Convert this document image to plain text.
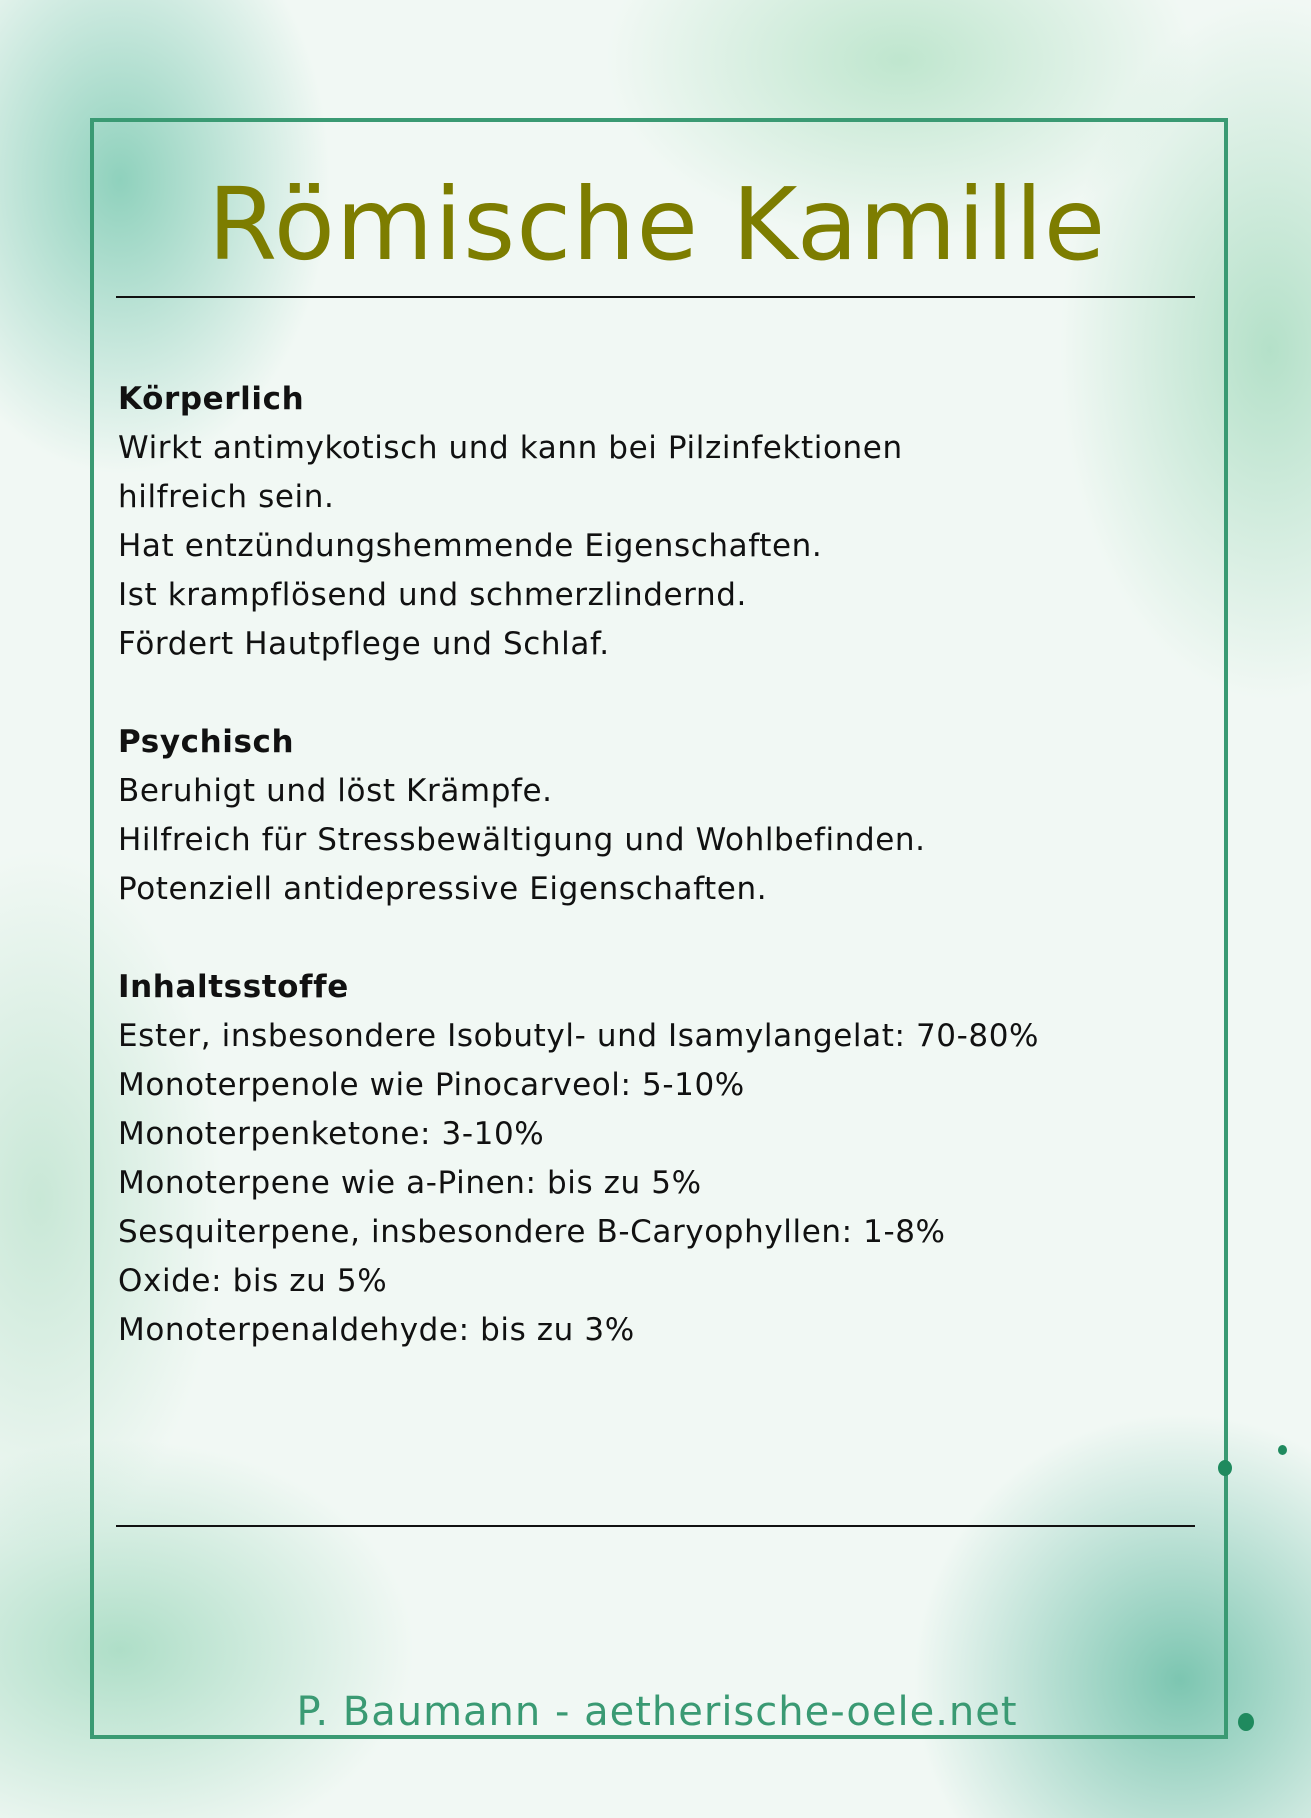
Römische Kamille
Körperlich
Wirkt antimykotisch und kann bei Pilzinfektionen
hilfreich sein.
Hat entzündungshemmende Eigenschaften.
Ist krampflösend und schmerzlindernd.
Fördert Hautpflege und Schlaf.
Psychisch
Beruhigt und löst Krämpfe.
Hilfreich für Stressbewältigung und Wohlbefinden.
Potenziell antidepressive Eigenschaften.
Inhaltsstoffe
Ester, insbesondere Isobutyl- und Isamylangelat: 70-80%
Monoterpenole wie Pinocarveol: 5-10%
Monoterpenketone: 3-10%
Monoterpene wie a-Pinen: bis zu 5%
Sesquiterpene, insbesondere B-Caryophyllen: 1-8%
Oxide: bis zu 5%
Monoterpenaldehyde: bis zu 3%
P. Baumann - aetherische-oele.net
